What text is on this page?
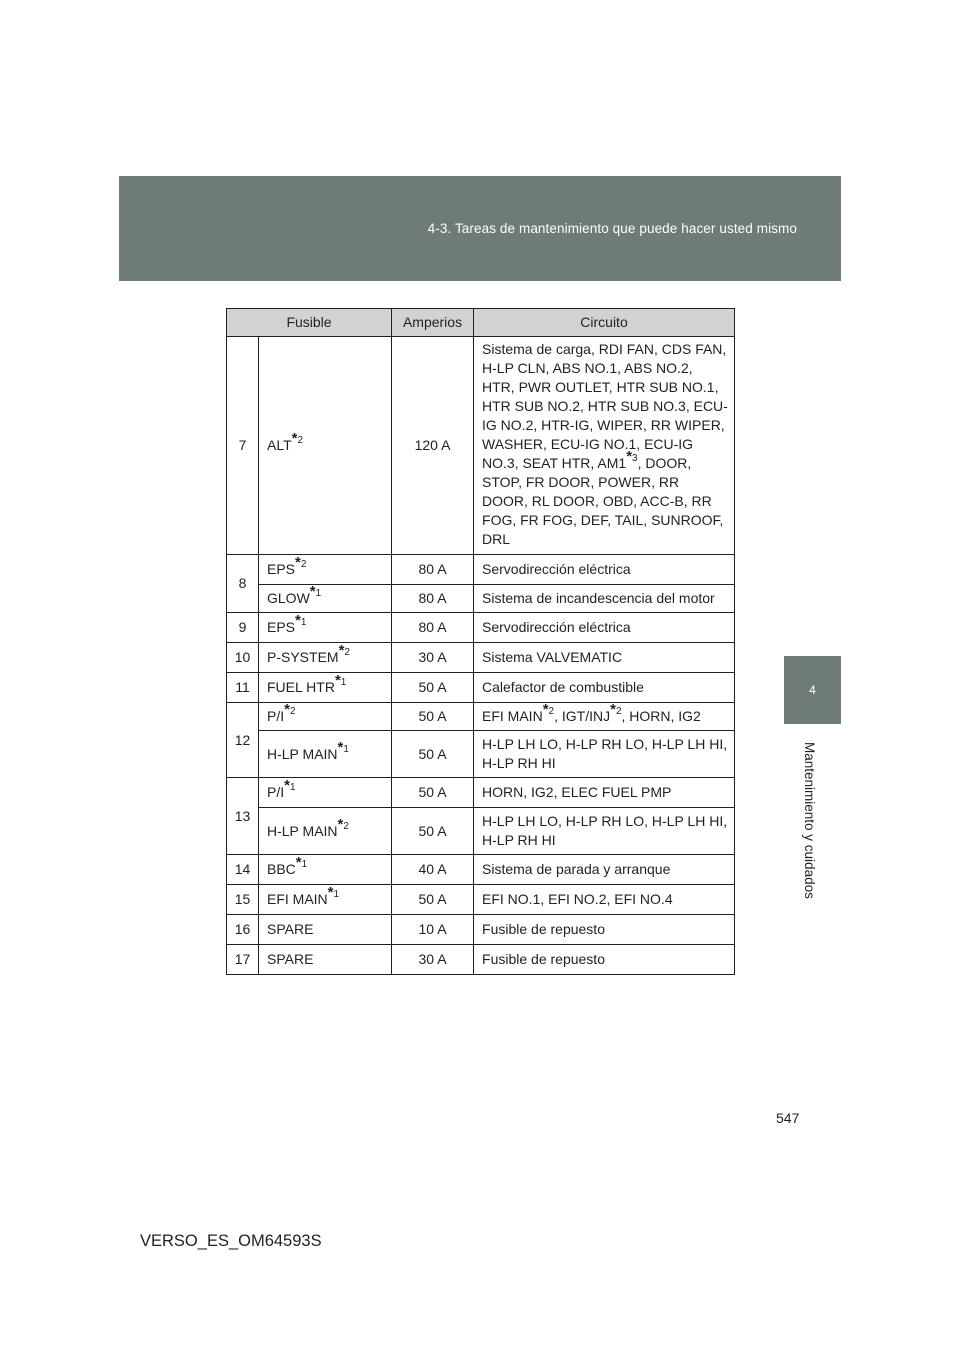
4-3. Tareas de mantenimiento que puede hacer usted mismo
4
Mantenimiento y cuidados
Fusible		Amperios	Circuito
7	ALT$^{*2}$	120 A	Sistema de carga, RDI FAN, CDS FAN, H-LP CLN, ABS NO.1, ABS NO.2, HTR, PWR OUTLET, HTR SUB NO.1, HTR SUB NO.2, HTR SUB NO.3, ECU-IG NO.2, HTR-IG, WIPER, RR WIPER, WASHER, ECU-IG NO.1, ECU-IG NO.3, SEAT HTR, AM1$^{*3}$, DOOR, STOP, FR DOOR, POWER, RR DOOR, RL DOOR, OBD, ACC-B, RR FOG, FR FOG, DEF, TAIL, SUNROOF, DRL
8	EPS$^{*2}$	80 A	Servodirección eléctrica
	GLOW$^{*1}$	80 A	Sistema de incandescencia del motor
9	EPS$^{*1}$	80 A	Servodirección eléctrica
10	P-SYSTEM$^{*2}$	30 A	Sistema VALVEMATIC
11	FUEL HTR$^{*1}$	50 A	Calefactor de combustible
12	$P/I^{*2}$	50 A	EFI MAIN$^{*2}$, IGT/INJ$^{*2}$, HORN, IG2
	H-LP MAIN$^{*1}$	50 A	H-LP LH LO, H-LP RH LO, H-LP LH HI, H-LP RH HI
13	$P/I^{*1}$	50 A	HORN, IG2, ELEC FUEL PMP
	H-LP MAIN$^{*2}$	50 A	H-LP LH LO, H-LP RH LO, H-LP LH HI, H-LP RH HI
14	BBC$^{*1}$	40 A	Sistema de parada y arranque
15	EFI MAIN$^{*1}$	50 A	EFI NO.1, EFI NO.2, EFI NO.4
16	SPARE	10 A	Fusible de repuesto
17	SPARE	30 A	Fusible de repuesto
547
VERSO_ES_OM64593S
